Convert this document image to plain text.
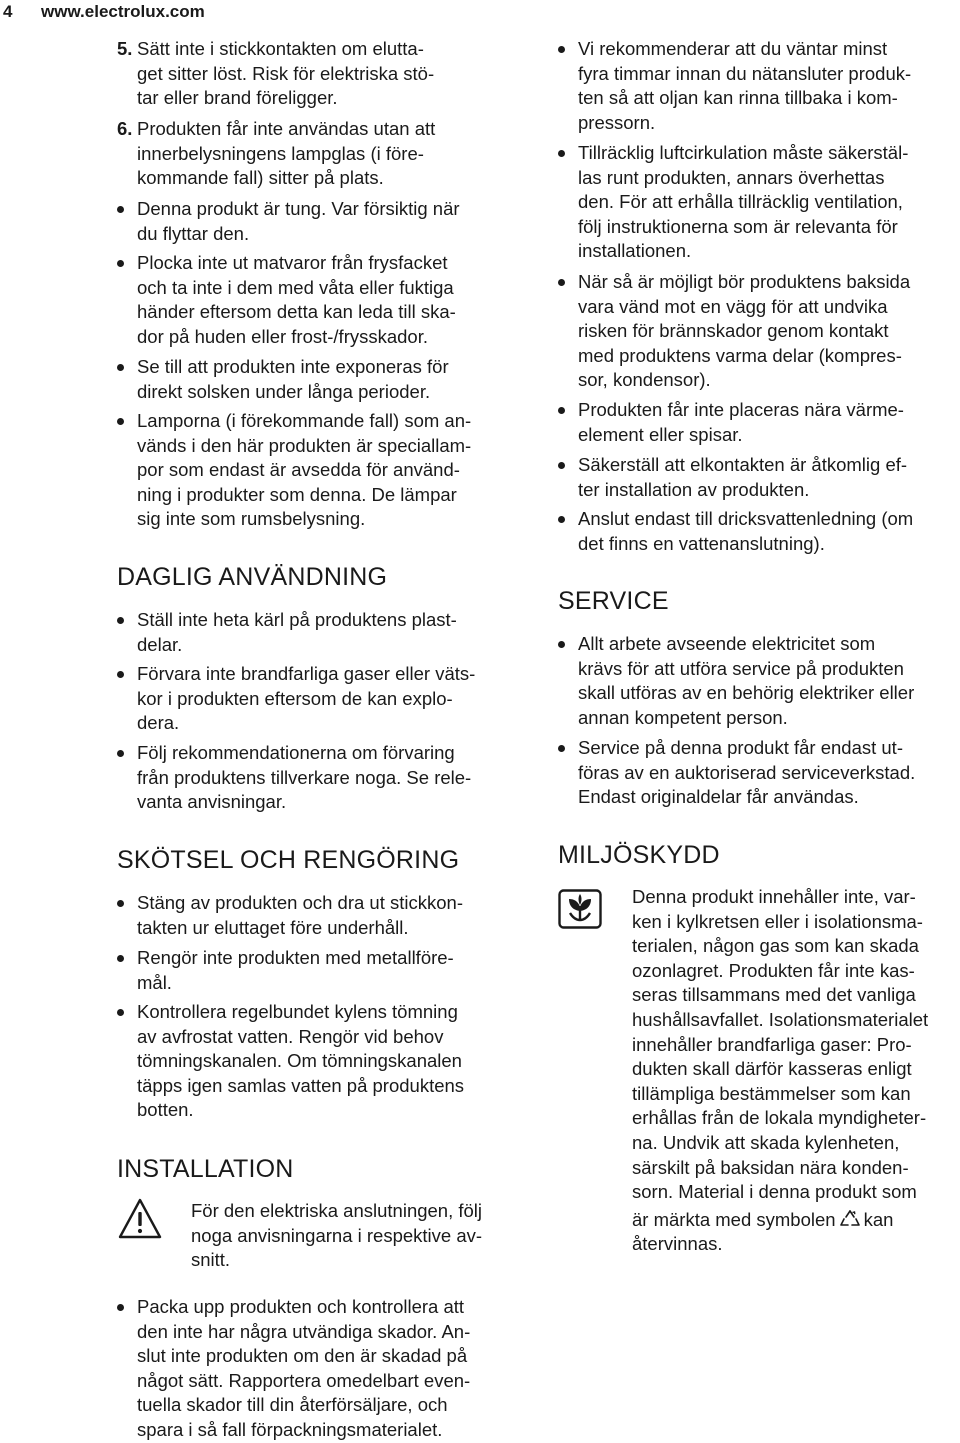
4 www.electrolux.com
5. Sätt inte i stickkontakten om elutta-
get sitter löst. Risk för elektriska stö-
tar eller brand föreligger.
6. Produkten får inte användas utan att
innerbelysningens lampglas (i före-
kommande fall) sitter på plats.
Denna produkt är tung. Var försiktig när
du flyttar den.
Plocka inte ut matvaror från frysfacket
och ta inte i dem med våta eller fuktiga
händer eftersom detta kan leda till ska-
dor på huden eller frost-/frysskador.
Se till att produkten inte exponeras för
direkt solsken under långa perioder.
Lamporna (i förekommande fall) som an-
vänds i den här produkten är speciallam-
por som endast är avsedda för använd-
ning i produkter som denna. De lämpar
sig inte som rumsbelysning.
DAGLIG ANVÄNDNING
Ställ inte heta kärl på produktens plast-
delar.
Förvara inte brandfarliga gaser eller väts-
kor i produkten eftersom de kan explo-
dera.
Följ rekommendationerna om förvaring
från produktens tillverkare noga. Se rele-
vanta anvisningar.
SKÖTSEL OCH RENGÖRING
Stäng av produkten och dra ut stickkon-
takten ur eluttaget före underhåll.
Rengör inte produkten med metallföre-
mål.
Kontrollera regelbundet kylens tömning
av avfrostat vatten. Rengör vid behov
tömningskanalen. Om tömningskanalen
täpps igen samlas vatten på produktens
botten.
INSTALLATION
För den elektriska anslutningen, följ
noga anvisningarna i respektive av-
snitt.
Packa upp produkten och kontrollera att
den inte har några utvändiga skador. An-
slut inte produkten om den är skadad på
något sätt. Rapportera omedelbart even-
tuella skador till din återförsäljare, och
spara i så fall förpackningsmaterialet.
Vi rekommenderar att du väntar minst
fyra timmar innan du nätansluter produk-
ten så att oljan kan rinna tillbaka i kom-
pressorn.
Tillräcklig luftcirkulation måste säkerstäl-
las runt produkten, annars överhettas
den. För att erhålla tillräcklig ventilation,
följ instruktionerna som är relevanta för
installationen.
När så är möjligt bör produktens baksida
vara vänd mot en vägg för att undvika
risken för brännskador genom kontakt
med produktens varma delar (kompres-
sor, kondensor).
Produkten får inte placeras nära värme-
element eller spisar.
Säkerställ att elkontakten är åtkomlig ef-
ter installation av produkten.
Anslut endast till dricksvattenledning (om
det finns en vattenanslutning).
SERVICE
Allt arbete avseende elektricitet som
krävs för att utföra service på produkten
skall utföras av en behörig elektriker eller
annan kompetent person.
Service på denna produkt får endast ut-
föras av en auktoriserad serviceverkstad.
Endast originaldelar får användas.
MILJÖSKYDD
Denna produkt innehåller inte, var-
ken i kylkretsen eller i isolationsma-
terialen, någon gas som kan skada
ozonlagret. Produkten får inte kas-
seras tillsammans med det vanliga
hushållsavfallet. Isolationsmaterialet
innehåller brandfarliga gaser: Pro-
dukten skall därför kasseras enligt
tillämpliga bestämmelser som kan
erhållas från de lokala myndigheter-
na. Undvik att skada kylenheten,
särskilt på baksidan nära konden-
sorn. Material i denna produkt som
är märkta med symbolen kan
återvinnas.
